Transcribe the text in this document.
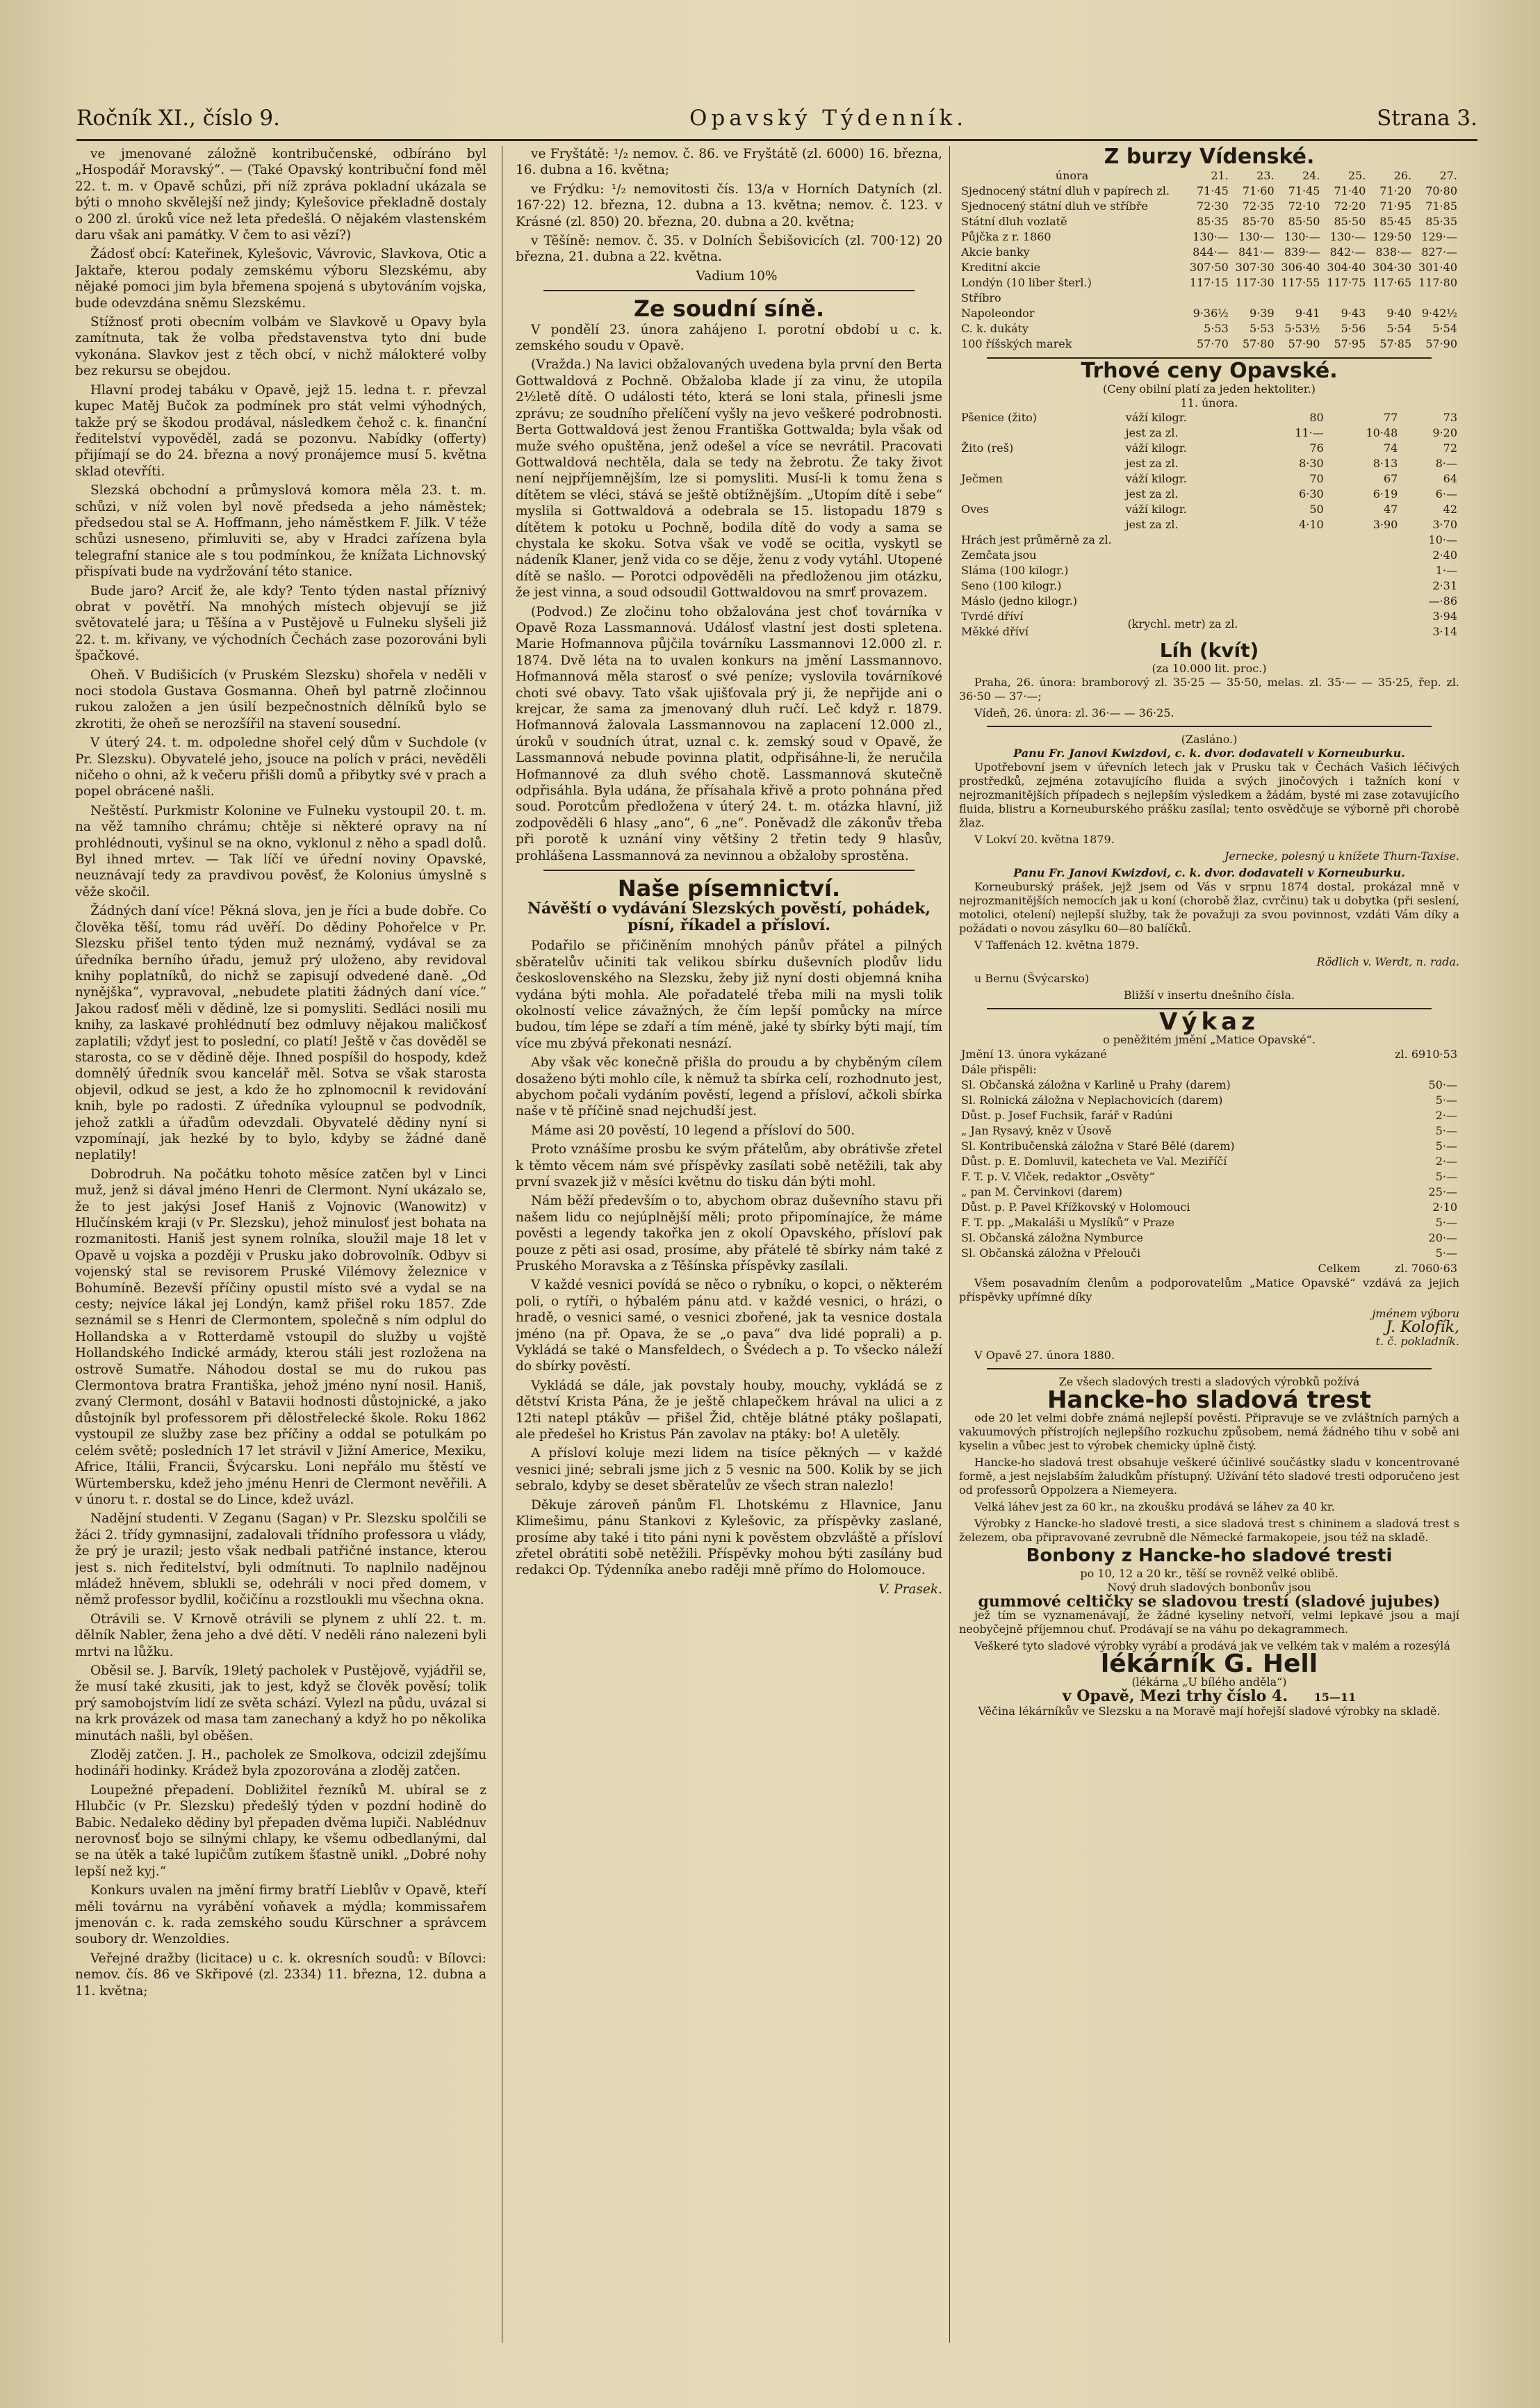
Ročník XI., číslo 9.	Opavský Týdenník.	Strana 3.

ve jmenované záložně kontribučenské, odbíráno byl „Hospodář Moravský“. — (Také Opavský kontribuční fond měl 22. t. m. v Opavě schůzi, při níž zpráva pokladní ukázala se býti o mnoho skvělejší než jindy; Kylešovice překladně dostaly o 200 zl. úroků více než leta předešlá. O nějakém vlastenském daru však ani památky. V čem to asi vězí?)

Žádosť obcí: Kateřinek, Kylešovic, Vávrovic, Slavkova, Otic a Jaktaře, kterou podaly zemskému výboru Slezskému, aby nějaké pomoci jim byla břemena spojená s ubytováním vojska, bude odevzdána sněmu Slezskému.

Stížnosť proti obecním volbám ve Slavkově u Opavy byla zamítnuta, tak že volba představenstva tyto dni bude vykonána. Slavkov jest z těch obcí, v nichž málokteré volby bez rekursu se obejdou.

Hlavní prodej tabáku v Opavě, jejž 15. ledna t. r. převzal kupec Matěj Bučok za podmínek pro stát velmi výhodných, takže prý se škodou prodával, následkem čehož c. k. finanční ředitelství vypověděl, zadá se pozonvu. Nabídky (offerty) přijímají se do 24. března a nový pronájemce musí 5. května sklad otevříti.

Slezská obchodní a průmyslová komora měla 23. t. m. schůzi, v níž volen byl nově předseda a jeho náměstek; předsedou stal se A. Hoffmann, jeho náměstkem F. Jilk. V téže schůzi usneseno, přimluviti se, aby v Hradci zařízena byla telegrafní stanice ale s tou podmínkou, že knížata Lichnovský přispívati bude na vydržování této stanice.

Bude jaro? Arciť že, ale kdy? Tento týden nastal příznivý obrat v povětří. Na mnohých místech objevují se již světovatelé jara; u Těšína a v Pustějově u Fulneku slyšeli již 22. t. m. křivany, ve východních Čechách zase pozorováni byli špačkové.

Oheň. V Budišicích (v Pruském Slezsku) shořela v neděli v noci stodola Gustava Gosmanna. Oheň byl patrně zločinnou rukou založen a jen úsilí bezpečnostních dělníků bylo se zkrotiti, že oheň se nerozšířil na stavení sousední.

V úterý 24. t. m. odpoledne shořel celý dům v Suchdole (v Pr. Slezsku). Obyvatelé jeho, jsouce na polích v práci, nevěděli ničeho o ohni, až k večeru přišli domů a přibytky své v prach a popel obrácené našli.

Neštěstí. Purkmistr Kolonine ve Fulneku vystoupil 20. t. m. na věž tamního chrámu; chtěje si některé opravy na ní prohlédnouti, vyšinul se na okno, vyklonul z něho a spadl dolů. Byl ihned mrtev. — Tak líčí ve úřední noviny Opavské, neuznávají tedy za pravdivou pověsť, že Kolonius úmyslně s věže skočil.

Žádných daní více! Pěkná slova, jen je říci a bude dobře. Co člověka těší, tomu rád uvěří. Do dědiny Pohořelce v Pr. Slezsku přišel tento týden muž neznámý, vydával se za úředníka berního úřadu, jemuž prý uloženo, aby revidoval knihy poplatníků, do nichž se zapisují odvedené daně. „Od nynějška“, vypravoval, „nebudete platiti žádných daní více.“ Jakou radosť měli v dědině, lze si pomysliti. Sedláci nosili mu knihy, za laskavé prohlédnutí bez odmluvy nějakou maličkosť zaplatili; vždyť jest to poslední, co platí! Ještě v čas dověděl se starosta, co se v dědině děje. Ihned pospíšil do hospody, kdež domnělý úředník svou kancelář měl. Sotva se však starosta objevil, odkud se jest, a kdo že ho zplnomocnil k revidování knih, byle po radosti. Z úředníka vyloupnul se podvodník, jehož zatkli a úřadům odevzdali. Obyvatelé dědiny nyní si vzpomínají, jak hezké by to bylo, kdyby se žádné daně neplatily!

Dobrodruh. Na počátku tohoto měsíce zatčen byl v Linci muž, jenž si dával jméno Henri de Clermont. Nyní ukázalo se, že to jest jakýsi Josef Haniš z Vojnovic (Wanowitz) v Hlučínském kraji (v Pr. Slezsku), jehož minulosť jest bohata na rozmanitosti. Haniš jest synem rolníka, sloužil maje 18 let v Opavě u vojska a později v Prusku jako dobrovolník. Odbyv si vojenský stal se revisorem Pruské Vilémovy železnice v Bohumíně. Bezevší příčiny opustil místo své a vydal se na cesty; nejvíce lákal jej Londýn, kamž přišel roku 1857. Zde seznámil se s Henri de Clermontem, společně s ním odplul do Hollandska a v Rotterdamě vstoupil do služby u vojště Hollandského Indické armády, kterou stáli jest rozložena na ostrově Sumatře. Náhodou dostal se mu do rukou pas Clermontova bratra Františka, jehož jméno nyní nosil. Haniš, zvaný Clermont, dosáhl v Batavii hodnosti důstojnické, a jako důstojník byl professorem při dělostřelecké škole. Roku 1862 vystoupil ze služby zase bez příčiny a oddal se potulkám po celém světě; posledních 17 let strávil v Jižní Americe, Mexiku, Africe, Itálii, Francii, Švýcarsku. Loni nepřálo mu štěstí ve Würtembersku, kdež jeho jménu Henri de Clermont nevěřili. A v únoru t. r. dostal se do Lince, kdež uvázl.

Nadějní studenti. V Zeganu (Sagan) v Pr. Slezsku spolčili se žáci 2. třídy gymnasijní, zadalovali třídního professora u vlády, že prý je urazil; jesto však nedbali patřičné instance, kterou jest s. nich ředitelství, byli odmítnuti. To naplnilo nadějnou mládež hněvem, sblukli se, odehráli v noci před domem, v němž professor bydlil, kočičínu a rozstloukli mu všechna okna.

Otrávili se. V Krnově otrávili se plynem z uhlí 22. t. m. dělník Nabler, žena jeho a dvé dětí. V neděli ráno nalezeni byli mrtvi na lůžku.

Oběsil se. J. Barvík, 19letý pacholek v Pustějově, vyjádřil se, že musí také zkusiti, jak to jest, když se člověk pověsí; tolik prý samobojstvím lidí ze světa schází. Vylezl na půdu, uvázal si na krk provázek od masa tam zanechaný a když ho po několika minutách našli, byl oběšen.

Zloděj zatčen. J. H., pacholek ze Smolkova, odcizil zdejšímu hodináři hodinky. Krádež byla zpozorována a zloděj zatčen.

Loupežné přepadení. Dobližitel řezníků M. ubíral se z Hlubčic (v Pr. Slezsku) předešlý týden v pozdní hodině do Babic. Nedaleko dědiny byl přepaden dvěma lupiči. Nablédnuv nerovnosť bojo se silnými chlapy, ke všemu odbedlanými, dal se na útěk a také lupičům zutíkem šťastně unikl. „Dobré nohy lepší než kyj.“

Konkurs uvalen na jmění firmy bratří Lieblův v Opavě, kteří měli továrnu na vyrábění voňavek a mýdla; kommissařem jmenován c. k. rada zemského soudu Kürschner a správcem soubory dr. Wenzoldies.

Veřejné dražby (licitace) u c. k. okresních soudů: v Bílovci: nemov. čís. 86 ve Skřipové (zl. 2334) 11. března, 12. dubna a 11. května;

ve Fryštátě: ¹/₂ nemov. č. 86. ve Fryštátě (zl. 6000) 16. března, 16. dubna a 16. května;

ve Frýdku: ¹/₂ nemovitosti čís. 13/a v Horních Datyních (zl. 167·22) 12. března, 12. dubna a 13. května; nemov. č. 123. v Krásné (zl. 850) 20. března, 20. dubna a 20. května;

v Těšíně: nemov. č. 35. v Dolních Šebišovicích (zl. 700·12) 20 března, 21. dubna a 22. května.

Vadium 10%

Ze soudní síně.

V pondělí 23. února zahájeno I. porotní období u c. k. zemského soudu v Opavě.

(Vražda.) Na lavici obžalovaných uvedena byla první den Berta Gottwaldová z Pochně. Obžaloba klade jí za vinu, že utopila 2½letě dítě. O události této, která se loni stala, přinesli jsme zprávu; ze soudního přelíčení vyšly na jevo veškeré podrobnosti. Berta Gottwaldová jest ženou Františka Gottwalda; byla však od muže svého opuštěna, jenž odešel a více se nevrátil. Pracovati Gottwaldová nechtěla, dala se tedy na žebrotu. Že taky život není nejpříjemnějším, lze si pomysliti. Musí-li k tomu žena s dítětem se vléci, stává se ještě obtížnějším. „Utopím dítě i sebe“ myslila si Gottwaldová a odebrala se 15. listopadu 1879 s dítětem k potoku u Pochně, bodila dítě do vody a sama se chystala ke skoku. Sotva však ve vodě se ocitla, vyskytl se nádeník Klaner, jenž vida co se děje, ženu z vody vytáhl. Utopené dítě se našlo. — Porotci odpověděli na předloženou jim otázku, že jest vinna, a soud odsoudil Gottwaldovou na smrť provazem.

(Podvod.) Ze zločinu toho obžalována jest choť továrníka v Opavě Roza Lassmannová. Událosť vlastní jest dosti spletena. Marie Hofmannova půjčila továrníku Lassmannovi 12.000 zl. r. 1874. Dvě léta na to uvalen konkurs na jmění Lassmannovo. Hofmannová měla starosť o své peníze; vyslovila továrníkové choti své obavy. Tato však ujišťovala prý ji, že nepřijde ani o krejcar, že sama za jmenovaný dluh ručí. Leč když r. 1879. Hofmannová žalovala Lassmannovou na zaplacení 12.000 zl., úroků v soudních útrat, uznal c. k. zemský soud v Opavě, že Lassmannová nebude povinna platit, odpřisáhne-li, že neručila Hofmannové za dluh svého chotě. Lassmannová skutečně odpřisáhla. Byla udána, že přísahala křivě a proto pohnána před soud. Porotcům předložena v úterý 24. t. m. otázka hlavní, již zodpověděli 6 hlasy „ano“, 6 „ne“. Poněvadž dle zákonův třeba při porotě k uznání viny většiny 2 třetin tedy 9 hlasův, prohlášena Lassmannová za nevinnou a obžaloby sprostěna.

Naše písemnictví.
Návěští o vydávání Slezských pověstí, pohádek, písní, říkadel a přísloví.

Podařilo se přičiněním mnohých pánův přátel a pilných sběratelův učiniti tak velikou sbírku duševních plodův lidu československého na Slezsku, žeby již nyní dosti objemná kniha vydána býti mohla. Ale pořadatelé třeba mili na mysli tolik okolností velice závažných, že čím lepší pomůcky na mírce budou, tím lépe se zdaří a tím méně, jaké ty sbírky býti mají, tím více mu zbývá překonati nesnází.

Aby však věc konečně přišla do proudu a by chyběným cílem dosaženo býti mohlo cíle, k němuž ta sbírka celí, rozhodnuto jest, abychom počali vydáním pověstí, legend a přísloví, ačkoli sbírka naše v tě příčině snad nejchudší jest.

Máme asi 20 pověstí, 10 legend a přísloví do 500.

Proto vznášíme prosbu ke svým přátelům, aby obrátivše zřetel k těmto věcem nám své příspěvky zasílati sobě netěžili, tak aby první svazek již v měsíci květnu do tisku dán býti mohl.

Nám běží především o to, abychom obraz duševního stavu při našem lidu co nejúplnější měli; proto připomínajíce, že máme pověsti a legendy takořka jen z okolí Opavského, přísloví pak pouze z pěti asi osad, prosíme, aby přátelé tě sbírky nám také z Pruského Moravska a z Těšínska příspěvky zasílali.

V každé vesnici povídá se něco o rybníku, o kopci, o některém poli, o rytíři, o hýbalém pánu atd. v každé vesnici, o hrázi, o hradě, o vesnici samé, o vesnici zbořené, jak ta vesnice dostala jméno (na př. Opava, že se „o pava“ dva lidé poprali) a p. Vykládá se také o Mansfeldech, o Švédech a p. To všecko náleží do sbírky pověstí.

Vykládá se dále, jak povstaly houby, mouchy, vykládá se z dětství Krista Pána, že je ještě chlapečkem hrával na ulici a z 12ti natepl ptákův — přišel Žid, chtěje blátné ptáky pošlapati, ale předešel ho Kristus Pán zavolav na ptáky: bo! A uletěly.

A přísloví koluje mezi lidem na tisíce pěkných — v každé vesnici jiné; sebrali jsme jich z 5 vesnic na 500. Kolik by se jich sebralo, kdyby se deset sběratelův ze všech stran nalezlo!

Děkuje zároveň pánům Fl. Lhotskému z Hlavnice, Janu Klimešimu, pánu Stankovi z Kylešovic, za příspěvky zaslané, prosíme aby také i tito páni nyni k pověstem obzvláště a přísloví zřetel obrátiti sobě netěžili. Příspěvky mohou býti zasílány bud redakci Op. Týdenníka anebo raději mně přímo do Holomouce.

V. Prasek.

Z burzy Vídenské.
února	21.	23.	24.	25.	26.	27.
Sjednocený státní dluh v papírech zl.	71·45	71·60	71·45	71·40	71·20	70·80
Sjednocený státní dluh ve stříbře	72·30	72·35	72·10	72·20	71·95	71·85
Státní dluh vozlatě	85·35	85·70	85·50	85·50	85·45	85·35
Půjčka z r. 1860	130·—	130·—	130·—	130·—	129·50	129·—
Akcie banky	844·—	841·—	839·—	842·—	838·—	827·—
Kreditní akcie	307·50	307·30	306·40	304·40	304·30	301·40
Londýn (10 liber šterl.)	117·15	117·30	117·55	117·75	117·65	117·80
Stříbro						
Napoleondor	9·36½	9·39	9·41	9·43	9·40	9·42½
C. k. dukáty	5·53	5·53	5·53½	5·56	5·54	5·54
100 říšských marek	57·70	57·80	57·90	57·95	57·85	57·90
Trhové ceny Opavské.
(Ceny obilní platí za jeden hektoliter.)
11. února.
Pšenice (žito)	váží kilogr.	80	77	73
	jest za zl.	11·—	10·48	9·20
Žito (reš)	váží kilogr.	76	74	72
	jest za zl.	8·30	8·13	8·—
Ječmen	váží kilogr.	70	67	64
	jest za zl.	6·30	6·19	6·—
Oves	váží kilogr.	50	47	42
	jest za zl.	4·10	3·90	3·70
Hrách jest průměrně za zl.	10·—
Zemčata jsou	2·40
Sláma (100 kilogr.)	1·—
Seno (100 kilogr.)	2·31
Máslo (jedno kilogr.)	—·86
Tvrdé dříví	(krychl. metr) za zl.	3·94
Měkké dříví		3·14
Líh (kvít)
(za 10.000 lit. proc.)

Praha, 26. února: bramborový zl. 35·25 — 35·50, melas. zl. 35·— — 35·25, řep. zl. 36·50 — 37·—;

Vídeň, 26. února: zl. 36·— — 36·25.

(Zasláno.)
Panu Fr. Janovi Kwizdovi, c. k. dvor. dodavateli v Korneuburku.

Upotřebovní jsem v úřevních letech jak v Prusku tak v Čechách Vašich léčivých prostředků, zejména zotavujícího fluida a svých jinočových i tažních koní v nejrozmanitějších případech s nejlepším výsledkem a žádám, bysté mi zase zotavujícího fluida, blistru a Korneuburského prášku zasílal; tento osvědčuje se výborně při chorobě žlaz.

V Lokví 20. května 1879.

Jernecke, polesný u knížete Thurn-Taxise.

Panu Fr. Janovi Kwizdovi, c. k. dvor. dodavateli v Korneuburku.

Korneuburský prášek, jejž jsem od Vás v srpnu 1874 dostal, prokázal mně v nejrozmanitějších nemocích jak u koní (chorobě žlaz, cvrčinu) tak u dobytka (při seslení, motolici, otelení) nejlepší služby, tak že považuji za svou povinnost, vzdáti Vám díky a požádati o novou zásylku 60—80 balíčků.

V Taffenách 12. května 1879.

Rödlich v. Werdt, n. rada.

u Bernu (Švýcarsko)

Bližší v insertu dnešního čísla.
Výkaz
o peněžitém jmění „Matice Opavské“.
Jmění 13. února vykázané	zl. 6910·53
Dále přispěli:	
Sl. Občanská záložna v Karlině u Prahy (darem)	50·—
Sl. Rolnická záložna v Neplachovicích (darem)	5·—
Důst. p. Josef Fuchsik, farář v Radúni	2·—
„ Jan Rysavý, kněz v Úsově	5·—
Sl. Kontribučenská záložna v Staré Bělé (darem)	5·—
Důst. p. E. Domluvil, katecheta ve Val. Meziříčí	2·—
F. T. p. V. Vlček, redaktor „Osvěty“	5·—
„ pan M. Červinkovi (darem)	25·—
Důst. p. P. Pavel Křížkovský v Holomouci	2·10
F. T. pp. „Makaláši u Myslíků“ v Praze	5·—
Sl. Občanská záložna Nymburce	20·—
Sl. Občanská záložna v Přelouči	5·—
Celkem	zl. 7060·63

Všem posavadním členům a podporovatelům „Matice Opavské“ vzdává za jejich příspěvky upřímné díky

jménem výboru
J. Kolofík,
t. č. pokladník.

V Opavě 27. února 1880.

Ze všech sladových tresti a sladových výrobků požívá
Hancke-ho sladová trest

ode 20 let velmi dobře známá nejlepší pověsti. Připravuje se ve zvláštních parných a vakuumových přístrojích nejlepšího rozkuchu způsobem, nemá žádného tihu v sobě ani kyselin a vůbec jest to výrobek chemicky úplně čistý.

Hancke-ho sladová trest obsahuje veškeré účinlivé součástky sladu v koncentrované formě, a jest nejslabším žaludkům přístupný. Užívání této sladové tresti odporučeno jest od professorů Oppolzera a Niemeyera.

Velká láhev jest za 60 kr., na zkoušku prodává se láhev za 40 kr.

Výrobky z Hancke-ho sladové tresti, a sice sladová trest s chininem a sladová trest s železem, oba připravované zevrubně dle Německé farmakopeie, jsou též na skladě.

Bonbony z Hancke-ho sladové tresti
po 10, 12 a 20 kr., těší se rovněž velké oblibě.
Nový druh sladových bonbonův jsou
gummové celtičky se sladovou trestí (sladové jujubes)

jež tím se vyznamenávají, že žádné kyseliny netvoří, velmi lepkavé jsou a mají neobyčejně příjemnou chuť. Prodávají se na váhu po dekagrammech.

Veškeré tyto sladové výrobky vyrábí a prodává jak ve velkém tak v malém a rozesýlá

lékárník G. Hell
(lékárna „U bílého anděla“)
v Opavě, Mezi trhy číslo 4. 15—11
Věčina lékárníkův ve Slezsku a na Moravě mají hořejší sladové výrobky na skladě.
